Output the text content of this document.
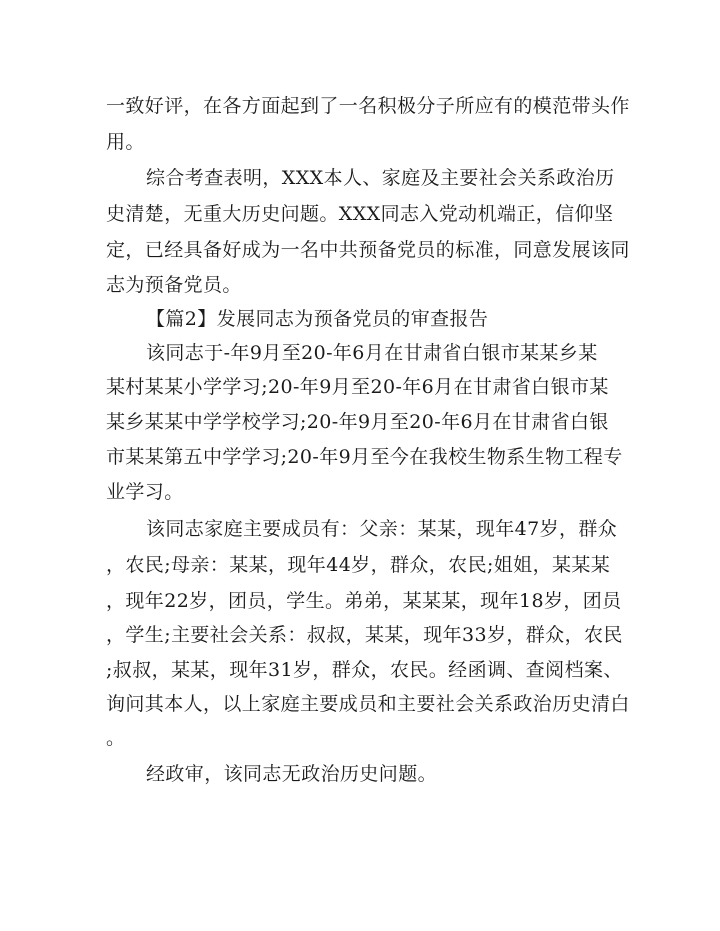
一致好评，在各方面起到了一名积极分子所应有的模范带头作

用。

综合考查表明，XXX本人、家庭及主要社会关系政治历

史清楚，无重大历史问题。XXX同志入党动机端正，信仰坚

定，已经具备好成为一名中共预备党员的标准，同意发展该同

志为预备党员。

【篇2】发展同志为预备党员的审查报告

该同志于-年9月至20-年6月在甘肃省白银市某某乡某

某村某某小学学习;20-年9月至20-年6月在甘肃省白银市某

某乡某某中学学校学习;20-年9月至20-年6月在甘肃省白银

市某某第五中学学习;20-年9月至今在我校生物系生物工程专

业学习。

该同志家庭主要成员有：父亲：某某，现年47岁，群众

，农民;母亲：某某，现年44岁，群众，农民;姐姐，某某某

，现年22岁，团员，学生。弟弟，某某某，现年18岁，团员

，学生;主要社会关系：叔叔，某某，现年33岁，群众，农民

;叔叔，某某，现年31岁，群众，农民。经函调、查阅档案、

询问其本人，以上家庭主要成员和主要社会关系政治历史清白

。

经政审，该同志无政治历史问题。
